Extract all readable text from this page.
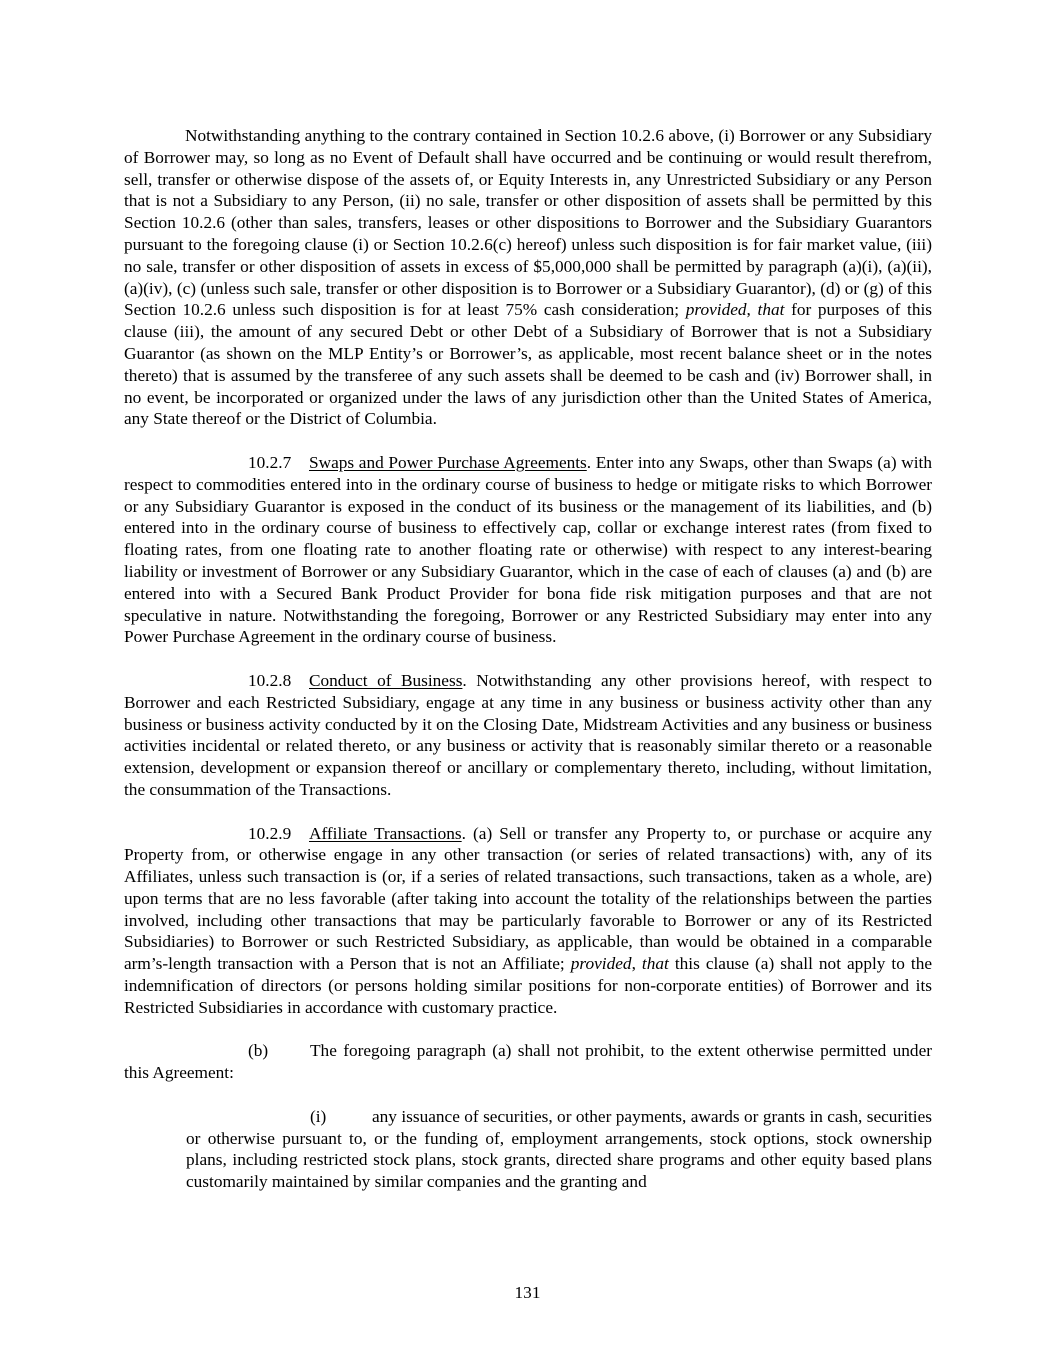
Notwithstanding anything to the contrary contained in Section 10.2.6 above, (i) Borrower or any Subsidiary of Borrower may, so long as no Event of Default shall have occurred and be continuing or would result therefrom, sell, transfer or otherwise dispose of the assets of, or Equity Interests in, any Unrestricted Subsidiary or any Person that is not a Subsidiary to any Person, (ii) no sale, transfer or other disposition of assets shall be permitted by this Section 10.2.6 (other than sales, transfers, leases or other dispositions to Borrower and the Subsidiary Guarantors pursuant to the foregoing clause (i) or Section 10.2.6(c) hereof) unless such disposition is for fair market value, (iii) no sale, transfer or other disposition of assets in excess of $5,000,000 shall be permitted by paragraph (a)(i), (a)(ii), (a)(iv), (c) (unless such sale, transfer or other disposition is to Borrower or a Subsidiary Guarantor), (d) or (g) of this Section 10.2.6 unless such disposition is for at least 75% cash consideration; provided, that for purposes of this clause (iii), the amount of any secured Debt or other Debt of a Subsidiary of Borrower that is not a Subsidiary Guarantor (as shown on the MLP Entity’s or Borrower’s, as applicable, most recent balance sheet or in the notes thereto) that is assumed by the transferee of any such assets shall be deemed to be cash and (iv) Borrower shall, in no event, be incorporated or organized under the laws of any jurisdiction other than the United States of America, any State thereof or the District of Columbia.

10.2.7 Swaps and Power Purchase Agreements. Enter into any Swaps, other than Swaps (a) with respect to commodities entered into in the ordinary course of business to hedge or mitigate risks to which Borrower or any Subsidiary Guarantor is exposed in the conduct of its business or the management of its liabilities, and (b) entered into in the ordinary course of business to effectively cap, collar or exchange interest rates (from fixed to floating rates, from one floating rate to another floating rate or otherwise) with respect to any interest-bearing liability or investment of Borrower or any Subsidiary Guarantor, which in the case of each of clauses (a) and (b) are entered into with a Secured Bank Product Provider for bona fide risk mitigation purposes and that are not speculative in nature. Notwithstanding the foregoing, Borrower or any Restricted Subsidiary may enter into any Power Purchase Agreement in the ordinary course of business.

10.2.8 Conduct of Business. Notwithstanding any other provisions hereof, with respect to Borrower and each Restricted Subsidiary, engage at any time in any business or business activity other than any business or business activity conducted by it on the Closing Date, Midstream Activities and any business or business activities incidental or related thereto, or any business or activity that is reasonably similar thereto or a reasonable extension, development or expansion thereof or ancillary or complementary thereto, including, without limitation, the consummation of the Transactions.

10.2.9 Affiliate Transactions. (a) Sell or transfer any Property to, or purchase or acquire any Property from, or otherwise engage in any other transaction (or series of related transactions) with, any of its Affiliates, unless such transaction is (or, if a series of related transactions, such transactions, taken as a whole, are) upon terms that are no less favorable (after taking into account the totality of the relationships between the parties involved, including other transactions that may be particularly favorable to Borrower or any of its Restricted Subsidiaries) to Borrower or such Restricted Subsidiary, as applicable, than would be obtained in a comparable arm’s-length transaction with a Person that is not an Affiliate; provided, that this clause (a) shall not apply to the indemnification of directors (or persons holding similar positions for non-corporate entities) of Borrower and its Restricted Subsidiaries in accordance with customary practice.

(b) The foregoing paragraph (a) shall not prohibit, to the extent otherwise permitted under this Agreement:

(i)	any issuance of securities, or other payments, awards or grants in cash, securities or otherwise pursuant to, or the funding of, employment arrangements, stock options, stock ownership plans, including restricted stock plans, stock grants, directed share programs and other equity based plans customarily maintained by similar companies and the granting and

131
